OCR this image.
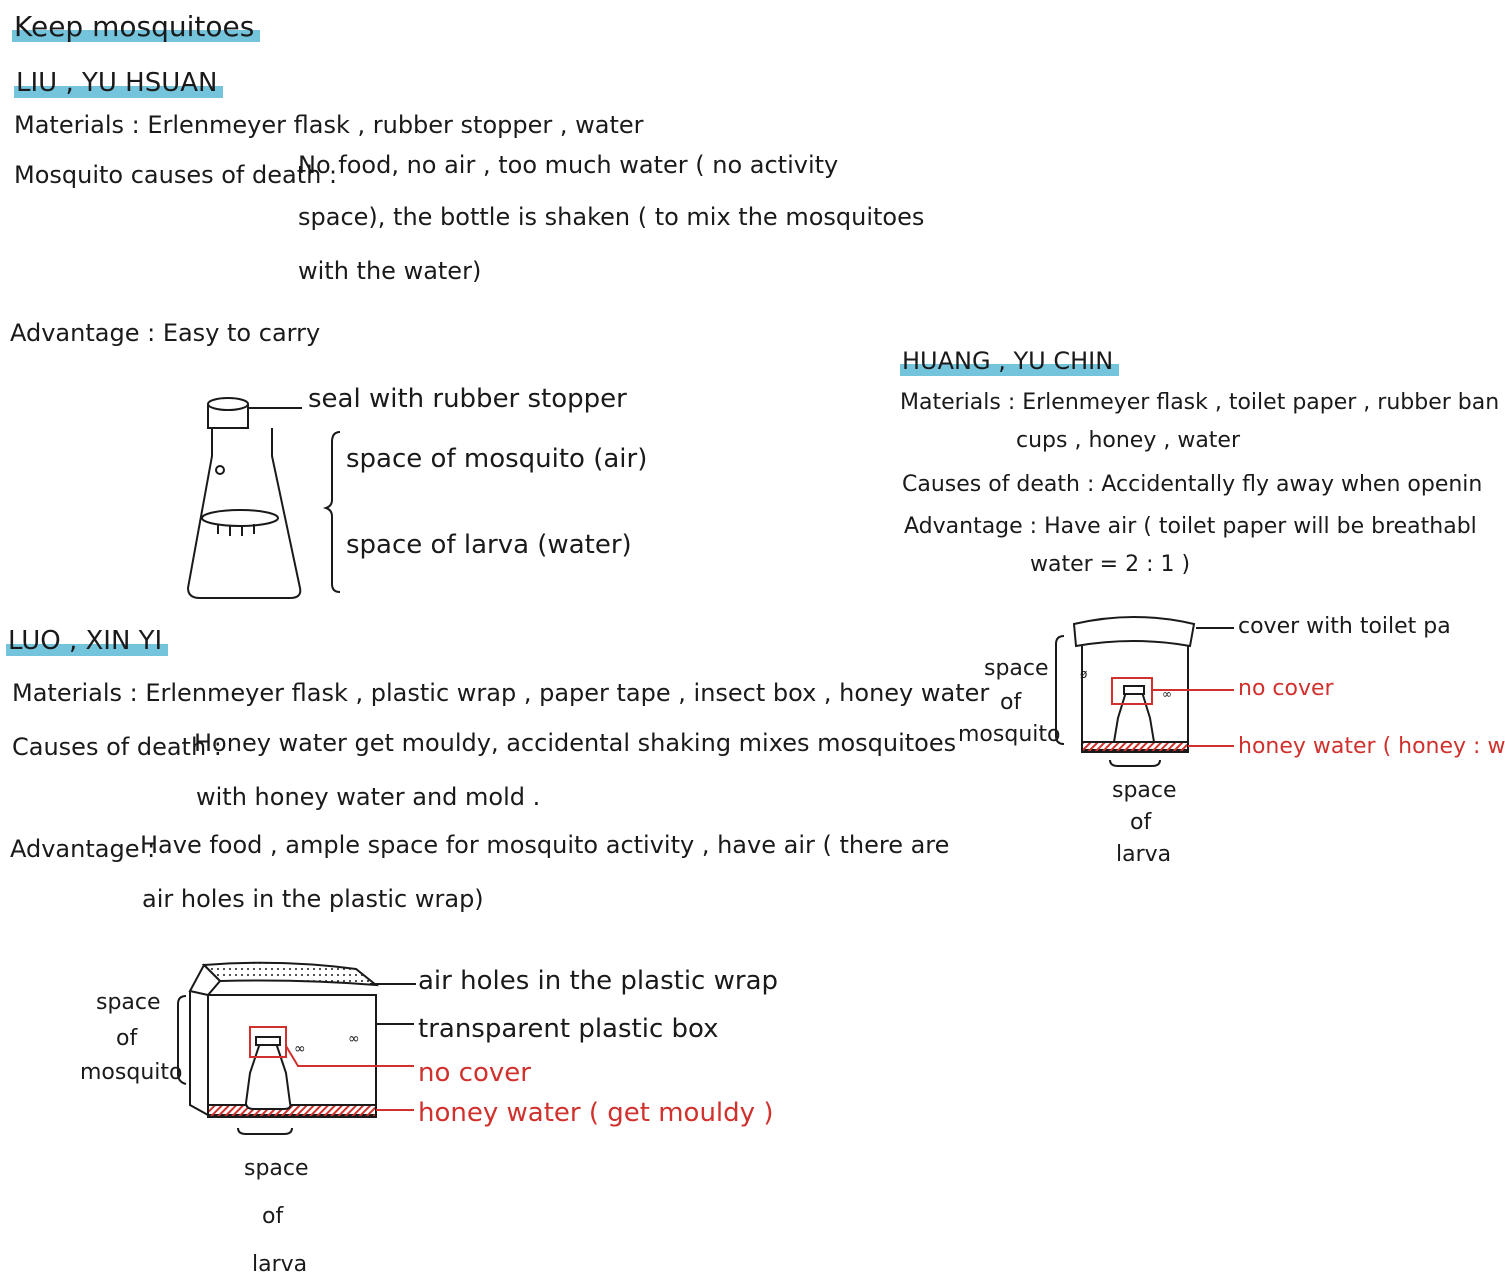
Keep mosquitoes
LIU , YU HSUAN
Materials : Erlenmeyer flask , rubber stopper , water
Mosquito causes of death :
No food, no air , too much water ( no activity
space), the bottle is shaken ( to mix the mosquitoes
with the water)
Advantage : Easy to carry
seal with rubber stopper
space of mosquito (air)
space of larva (water)
LUO , XIN YI
Materials : Erlenmeyer flask , plastic wrap , paper tape , insect box , honey water
Causes of death :
Honey water get mouldy, accidental shaking mixes mosquitoes
with honey water and mold .
Advantage :
Have food , ample space for mosquito activity , have air ( there are
air holes in the plastic wrap)
∞
∞
air holes in the plastic wrap
transparent plastic box
no cover
honey water ( get mouldy )
space
of
mosquito
space
of
larva
HUANG , YU CHIN
Materials : Erlenmeyer flask , toilet paper , rubber ban
cups , honey , water
Causes of death : Accidentally fly away when openin
Advantage : Have air ( toilet paper will be breathabl
water = 2 : 1 )
ø
∞
cover with toilet pa
no cover
honey water ( honey : w
space
of
mosquito
space
of
larva
